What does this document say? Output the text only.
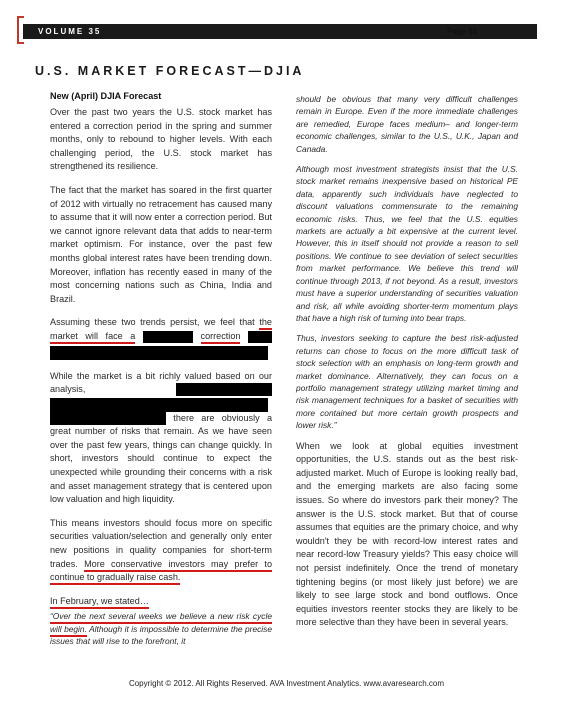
VOLUME 35	Page 81
U.S. MARKET FORECAST—DJIA
New (April) DJIA Forecast

Over the past two years the U.S. stock market has entered a correction period in the spring and summer months, only to rebound to higher levels. With each challenging period, the U.S. stock market has strengthened its resilience.

The fact that the market has soared in the first quarter of 2012 with virtually no retracement has caused many to assume that it will now enter a correction period. But we cannot ignore relevant data that adds to near-term market optimism. For instance, over the past few months global interest rates have been trending down. Moreover, inflation has recently eased in many of the most concerning nations such as China, India and Brazil.

Assuming these two trends persist, we feel that the market will face a	correction

While the market is a bit richly valued based on our analysis,    there are obviously a great number of risks that remain. As we have seen over the past few years, things can change quickly. In short, investors should continue to expect the unexpected while grounding their concerns with a risk and asset management strategy that is centered upon low valuation and high liquidity.

This means investors should focus more on specific securities valuation/selection and generally only enter new positions in quality companies for short-term trades. More conservative investors may prefer to continue to gradually raise cash.

In February, we stated…

“Over the next several weeks we believe a new risk cycle will begin. Although it is impossible to determine the precise issues that will rise to the forefront, it

should be obvious that many very difficult challenges remain in Europe. Even if the more immediate challenges are remedied, Europe faces medium– and longer-term economic challenges, similar to the U.S., U.K., Japan and Canada.

Although most investment strategists insist that the U.S. stock market remains inexpensive based on historical PE data, apparently such individuals have neglected to discount valuations commensurate to the remaining economic risks. Thus, we feel that the U.S. equities markets are actually a bit expensive at the current level. However, this in itself should not provide a reason to sell positions. We continue to see deviation of select securities from market performance. We believe this trend will continue through 2013, if not beyond. As a result, investors must have a superior understanding of securities valuation and risk, all while avoiding shorter-term momentum plays that have a high risk of turning into bear traps.

Thus, investors seeking to capture the best risk-adjusted returns can chose to focus on the more difficult task of stock selection with an emphasis on long-term growth and market dominance. Alternatively, they can focus on a portfolio management strategy utilizing market timing and risk management techniques for a basket of securities with more contained but more certain growth prospects and lower risk.”

When we look at global equities investment opportunities, the U.S. stands out as the best risk-adjusted market. Much of Europe is looking really bad, and the emerging markets are also facing some issues. So where do investors park their money? The answer is the U.S. stock market. But that of course assumes that equities are the primary choice, and why wouldn't they be with record-low interest rates and near record-low Treasury yields? This easy choice will not persist indefinitely. Once the trend of monetary tightening begins (or most likely just before) we are likely to see large stock and bond outflows. Once equities investors reenter stocks they are likely to be more selective than they have been in several years.

Copyright © 2012. All Rights Reserved. AVA Investment Analytics. www.avaresearch.com
